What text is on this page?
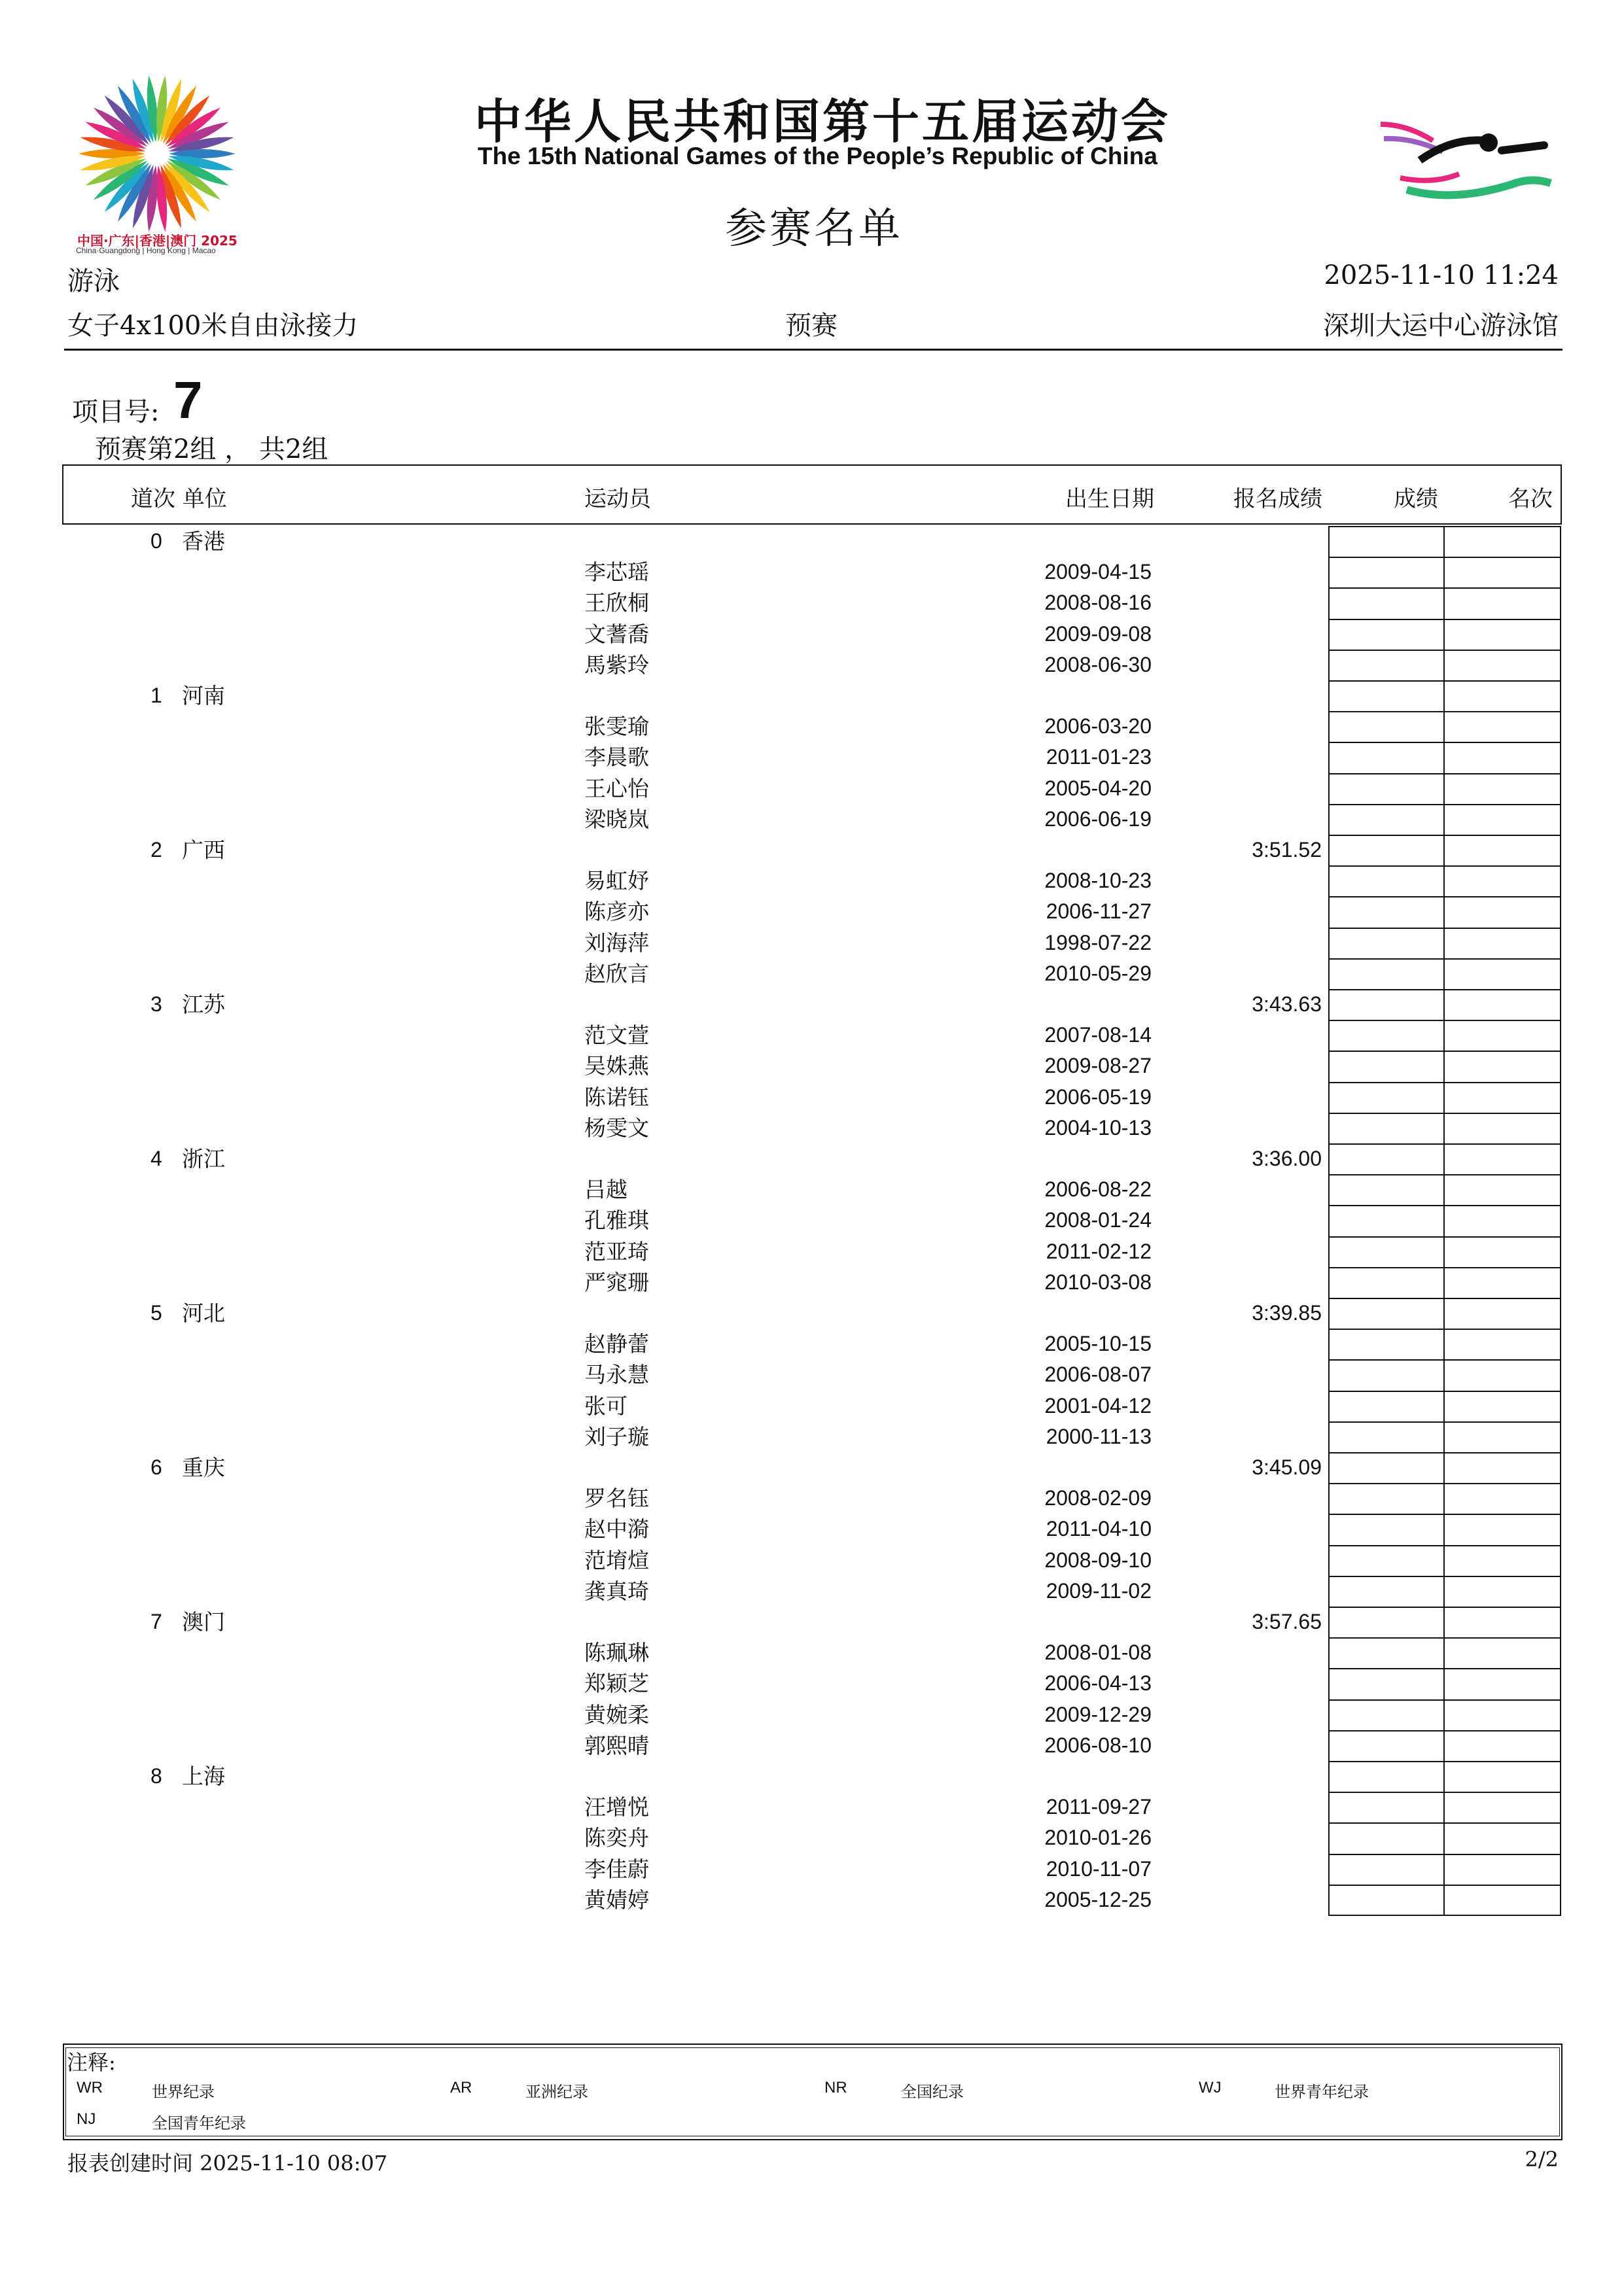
中国·广东|香港|澳门 2025
China·Guangdong | Hong Kong | Macao
中华人民共和国第十五届运动会
The 15th National Games of the People’s Republic of China
参赛名单
游泳	2025-11-10 11:24
女子4x100米自由泳接力	预赛	深圳大运中心游泳馆
项目号: 7
预赛第2组 ， 共2组
道次 单位	运动员	出生日期	报名成绩	成绩	名次
0 香港
李芯瑶	2009-04-15
王欣桐	2008-08-16
文蓍喬	2009-09-08
馬紫玲	2008-06-30
1 河南
张雯瑜	2006-03-20
李晨歌	2011-01-23
王心怡	2005-04-20
梁晓岚	2006-06-19
2 广西	3:51.52
易虹妤	2008-10-23
陈彦亦	2006-11-27
刘海萍	1998-07-22
赵欣言	2010-05-29
3 江苏	3:43.63
范文萱	2007-08-14
吴姝燕	2009-08-27
陈诺钰	2006-05-19
杨雯文	2004-10-13
4 浙江	3:36.00
吕越	2006-08-22
孔雅琪	2008-01-24
范亚琦	2011-02-12
严窕珊	2010-03-08
5 河北	3:39.85
赵静蕾	2005-10-15
马永慧	2006-08-07
张可	2001-04-12
刘子璇	2000-11-13
6 重庆	3:45.09
罗名钰	2008-02-09
赵中漪	2011-04-10
范堉煊	2008-09-10
龚真琦	2009-11-02
7 澳门	3:57.65
陈珮琳	2008-01-08
郑颖芝	2006-04-13
黄婉柔	2009-12-29
郭熙晴	2006-08-10
8 上海
汪增悦	2011-09-27
陈奕舟	2010-01-26
李佳蔚	2010-11-07
黄婧婷	2005-12-25
注释:
WR	世界纪录	AR	亚洲纪录	NR	全国纪录	WJ	世界青年纪录
NJ	全国青年纪录
报表创建时间 2025-11-10 08:07	2/2
